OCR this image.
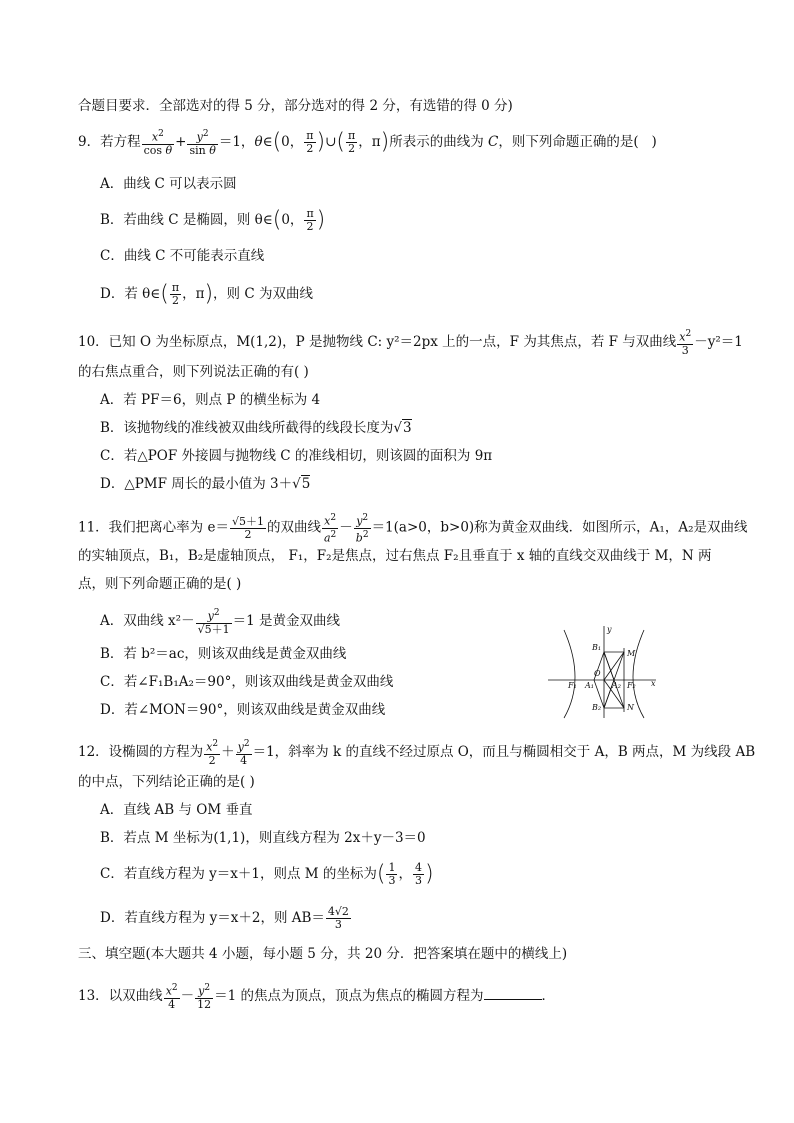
合题目要求．全部选对的得 5 分，部分选对的得 2 分，有选错的得 0 分)
9．若方程 $\frac{x^2}{\text{cos θ}} + \frac{y^2}{\text{sin θ}} =1$，θ∈(0， $\frac{\pi}{2}$ )∪( $\frac{\pi}{2}$ ，π)所表示的曲线为 C，则下列命题正确的是( )
A．曲线 C 可以表示圆
B．若曲线 C 是椭圆，则 θ∈(0， $\frac{\pi}{2}$ )
C．曲线 C 不可能表示直线
D．若 θ∈( $\frac{\pi}{2}$ ，π)，则 C 为双曲线
10．已知 O 为坐标原点，M(1,2)，P 是抛物线 C: y²＝2px 上的一点，F 为其焦点，若 F 与双曲线 $\frac{x^2}{3} -y^2=1$
的右焦点重合，则下列说法正确的有( )
A．若 PF＝6，则点 P 的横坐标为 4
B．该抛物线的准线被双曲线所截得的线段长度为√3
C．若△POF 外接圆与抛物线 C 的准线相切，则该圆的面积为 9π
D．△PMF 周长的最小值为 3＋√5
11．我们把离心率为 $e= \frac{√5+1}{2}$ 的双曲线 $\frac{x^2}{a^2} - \frac{y^2}{b^2} =1(a>0$，b>0)称为黄金双曲线．如图所示，A₁，A₂是双曲线
的实轴顶点，B₁，B₂是虚轴顶点， F₁，F₂是焦点，过右焦点 F₂且垂直于 x 轴的直线交双曲线于 M，N 两
点，则下列命题正确的是( )
A．双曲线 $x^2- \frac{y^2}{√5+1} =1$ 是黄金双曲线
B．若 b²＝ac，则该双曲线是黄金双曲线
C．若∠F₁B₁A₂＝90°，则该双曲线是黄金双曲线
D．若∠MON＝90°，则该双曲线是黄金双曲线
y
B₁
M
O
F₁ A₁ A₂ F₂ x
B₂	N
12．设椭圆的方程为 $\frac{x^2}{2} + \frac{y^2}{4} =1$，斜率为 k 的直线不经过原点 O，而且与椭圆相交于 A，B 两点，M 为线段 AB
的中点，下列结论正确的是( )
A．直线 AB 与 OM 垂直
B．若点 M 坐标为(1,1)，则直线方程为 2x＋y－3＝0
C．若直线方程为 y＝x＋1，则点 M 的坐标为( $\frac{1}{3}$ ， $\frac{4}{3}$ )
D．若直线方程为 y＝x＋2，则 $AB= \frac{4√2}{3}$
三、填空题(本大题共 4 小题，每小题 5 分，共 20 分．把答案填在题中的横线上)
13．以双曲线 $\frac{x^2}{4} - \frac{y^2}{12} =1$ 的焦点为顶点，顶点为焦点的椭圆方程为	．
